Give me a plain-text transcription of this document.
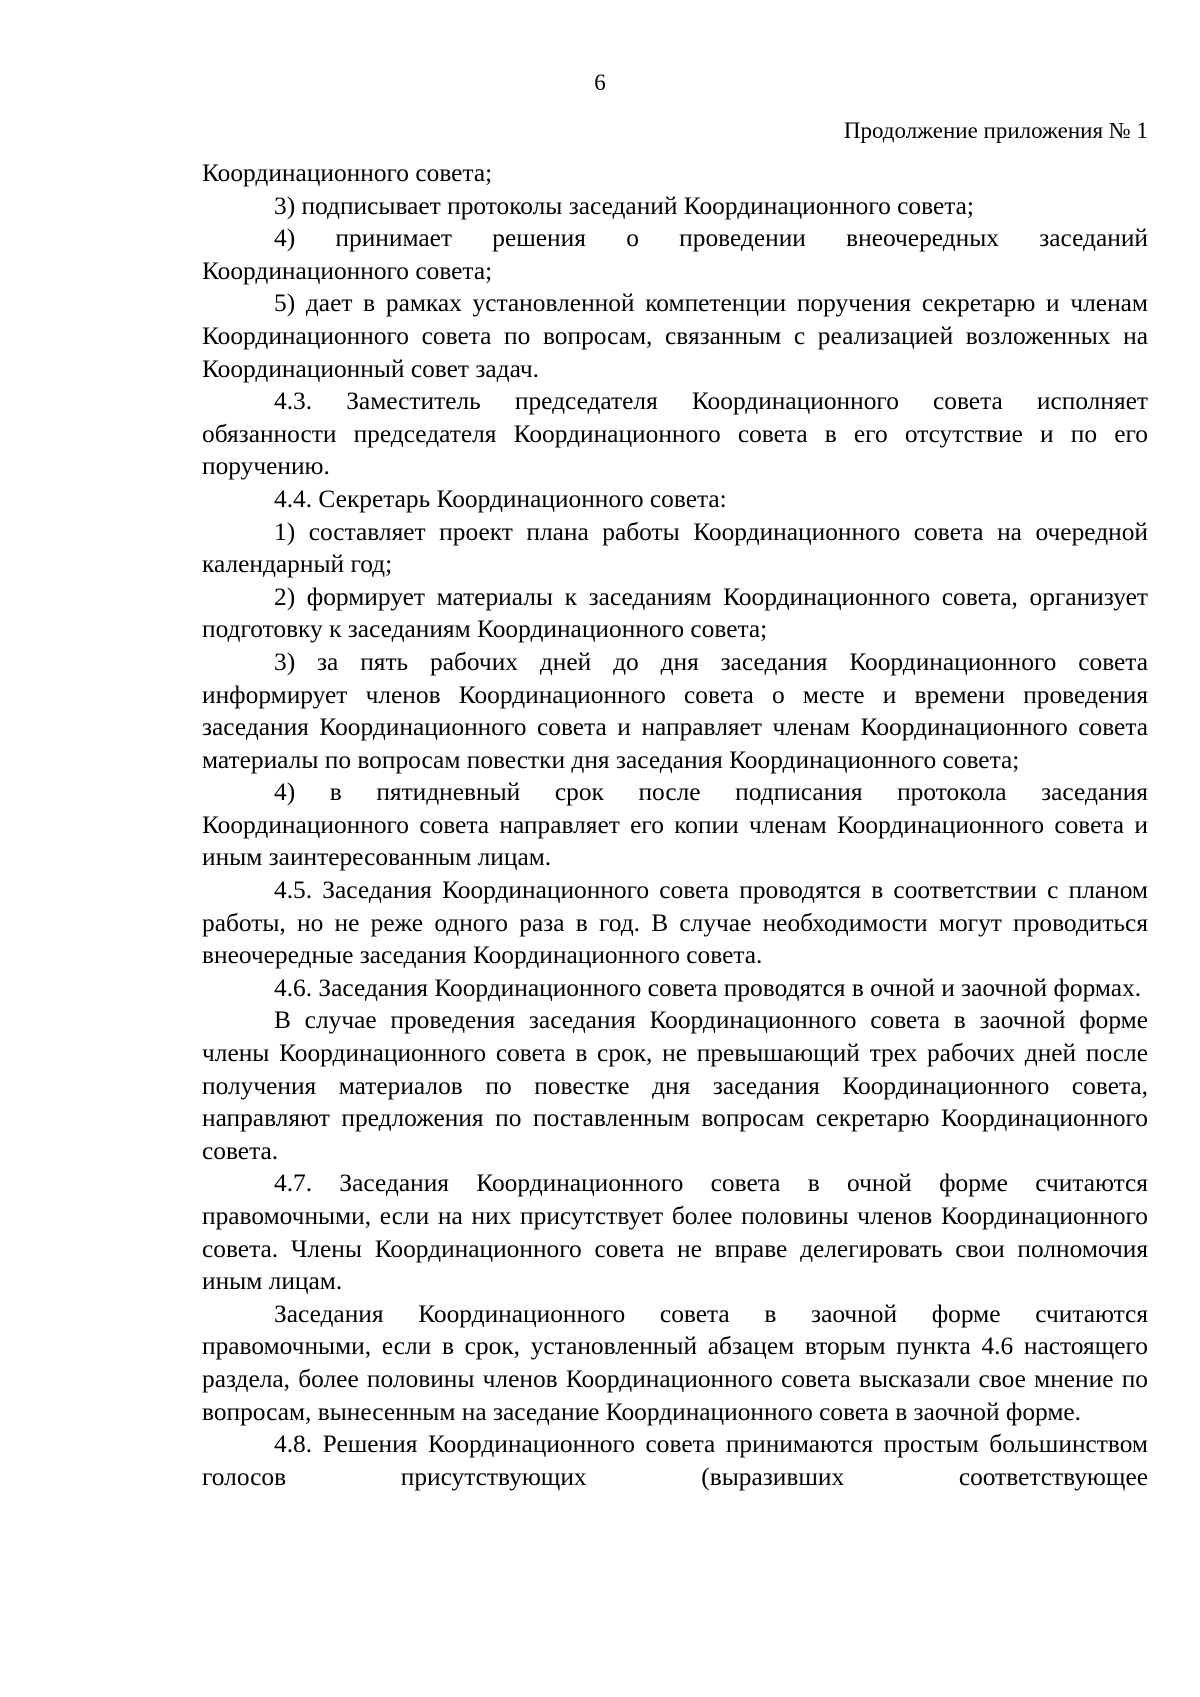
6
Продолжение приложения № 1

Координационного совета;

3) подписывает протоколы заседаний Координационного совета;

4) принимает решения о проведении внеочередных заседаний Координационного совета;

5) дает в рамках установленной компетенции поручения секретарю и членам Координационного совета по вопросам, связанным с реализацией возложенных на Координационный совет задач.

4.3. Заместитель председателя Координационного совета исполняет обязанности председателя Координационного совета в его отсутствие и по его поручению.

4.4. Секретарь Координационного совета:

1) составляет проект плана работы Координационного совета на очередной календарный год;

2) формирует материалы к заседаниям Координационного совета, организует подготовку к заседаниям Координационного совета;

3) за пять рабочих дней до дня заседания Координационного совета информирует членов Координационного совета о месте и времени проведения заседания Координационного совета и направляет членам Координационного совета материалы по вопросам повестки дня заседания Координационного совета;

4) в пятидневный срок после подписания протокола заседания Координационного совета направляет его копии членам Координационного совета и иным заинтересованным лицам.

4.5. Заседания Координационного совета проводятся в соответствии с планом работы, но не реже одного раза в год. В случае необходимости могут проводиться внеочередные заседания Координационного совета.

4.6. Заседания Координационного совета проводятся в очной и заочной формах.

В случае проведения заседания Координационного совета в заочной форме члены Координационного совета в срок, не превышающий трех рабочих дней после получения материалов по повестке дня заседания Координационного совета, направляют предложения по поставленным вопросам секретарю Координационного совета.

4.7. Заседания Координационного совета в очной форме считаются правомочными, если на них присутствует более половины членов Координационного совета. Члены Координационного совета не вправе делегировать свои полномочия иным лицам.

Заседания Координационного совета в заочной форме считаются правомочными, если в срок, установленный абзацем вторым пункта 4.6 настоящего раздела, более половины членов Координационного совета высказали свое мнение по вопросам, вынесенным на заседание Координационного совета в заочной форме.

4.8. Решения Координационного совета принимаются простым большинством голосов присутствующих (выразивших соответствующее
